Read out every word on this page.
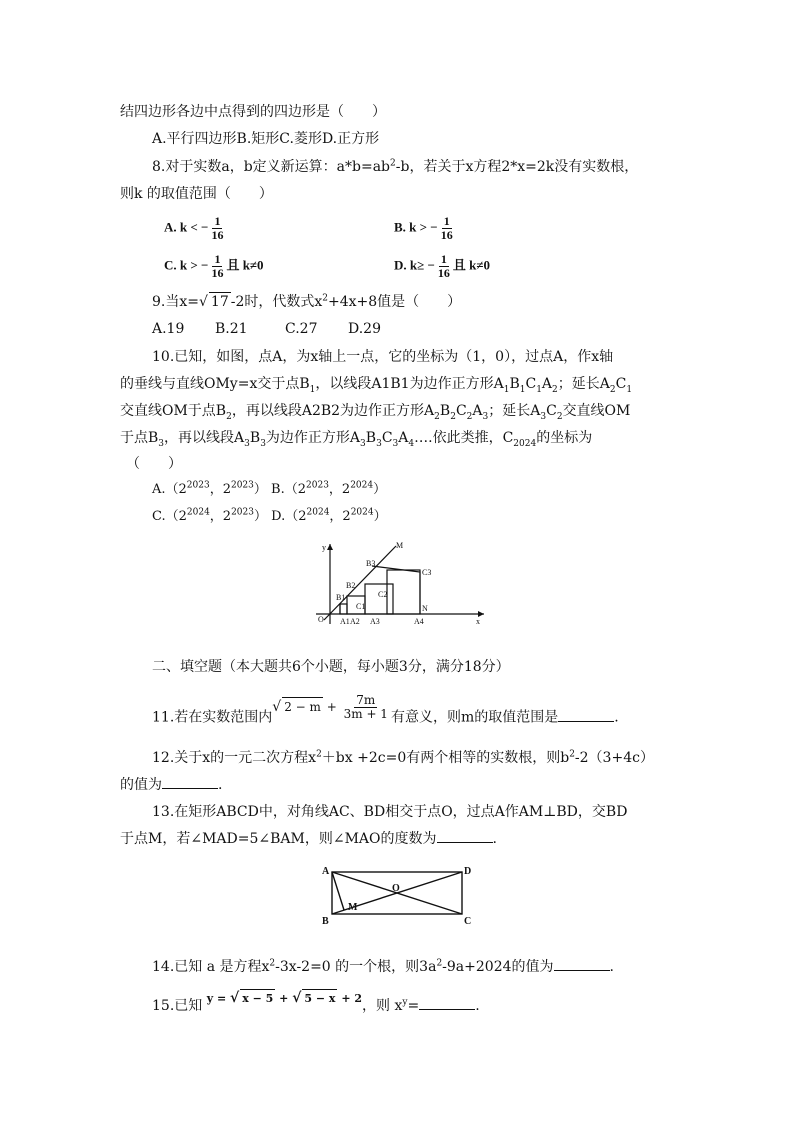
结四边形各边中点得到的四边形是（　　）
A.平行四边形B.矩形C.菱形D.正方形
8.对于实数a，b定义新运算：$a*b=ab^2-b$，若关于x方程2*x=2k没有实数根，
则k 的取值范围（　　）
A. k < − $\frac{1}{16}$	B. k > − $\frac{1}{16}$
C. k > − $\frac{1}{16}$ 且 k≠0	D. $k\ge - \frac{1}{16}$ 且 k≠0
9.当x=√ 17 -2时，代数式$x^2+4x+8$值是（　　）
A.19 B.21	C.27 D.29
10.已知，如图，点A，为x轴上一点，它的坐标为（1，0），过点A，作x轴
的垂线与直线OMy=x交于点$B_1$，以线段A1B1为边作正方形$A_1B_1C_1A_2$；延长$A_2C_1$
交直线OM于点$B_2$，再以线段A2B2为边作正方形$A_2B_2C_2A_3$；延长$A_3C_2$交直线OM
于点$B_3$，再以线段$A_3B_3$为边作正方形$A_3B_3C_3A_4\dots$.依此类推，$C_{2024}$的坐标为
（　　）
$A.(2^{2023}$，$2^{2023}$） $B.(2^{2023}$，$2^{2024}$）
$C.(2^{2024}$，$2^{2023}$） $D.(2^{2024}$，$2^{2024}$）
y	M
B3
C3
B2
C2
B1
C1
O A1 A2 A3	A4
N
x
二、填空题（本大题共6个小题，每小题3分，满分18分）
11.若在实数范围内√ $2 - m + \frac{7m}{3m + 1}$ 有意义，则m的取值范围是	.
12.关于x的一元二次方程$x^2+bx +2c=0$有两个相等的实数根，则$b^2-2(3+4c)$
的值为	.
13.在矩形ABCD中，对角线AC、BD相交于点O，过点A作AM⊥BD，交BD
于点M，若∠MAD=5∠BAM，则∠MAO的度数为	.
A	D
O
M
B	C
14.已知 a 是方程$x^2-3x-2=0$ 的一个根，则$3a^2-9a+2024$的值为	.
15.已知 y = √ x − 5 + √ 5 − x + 2，则 $x^y=$	.
